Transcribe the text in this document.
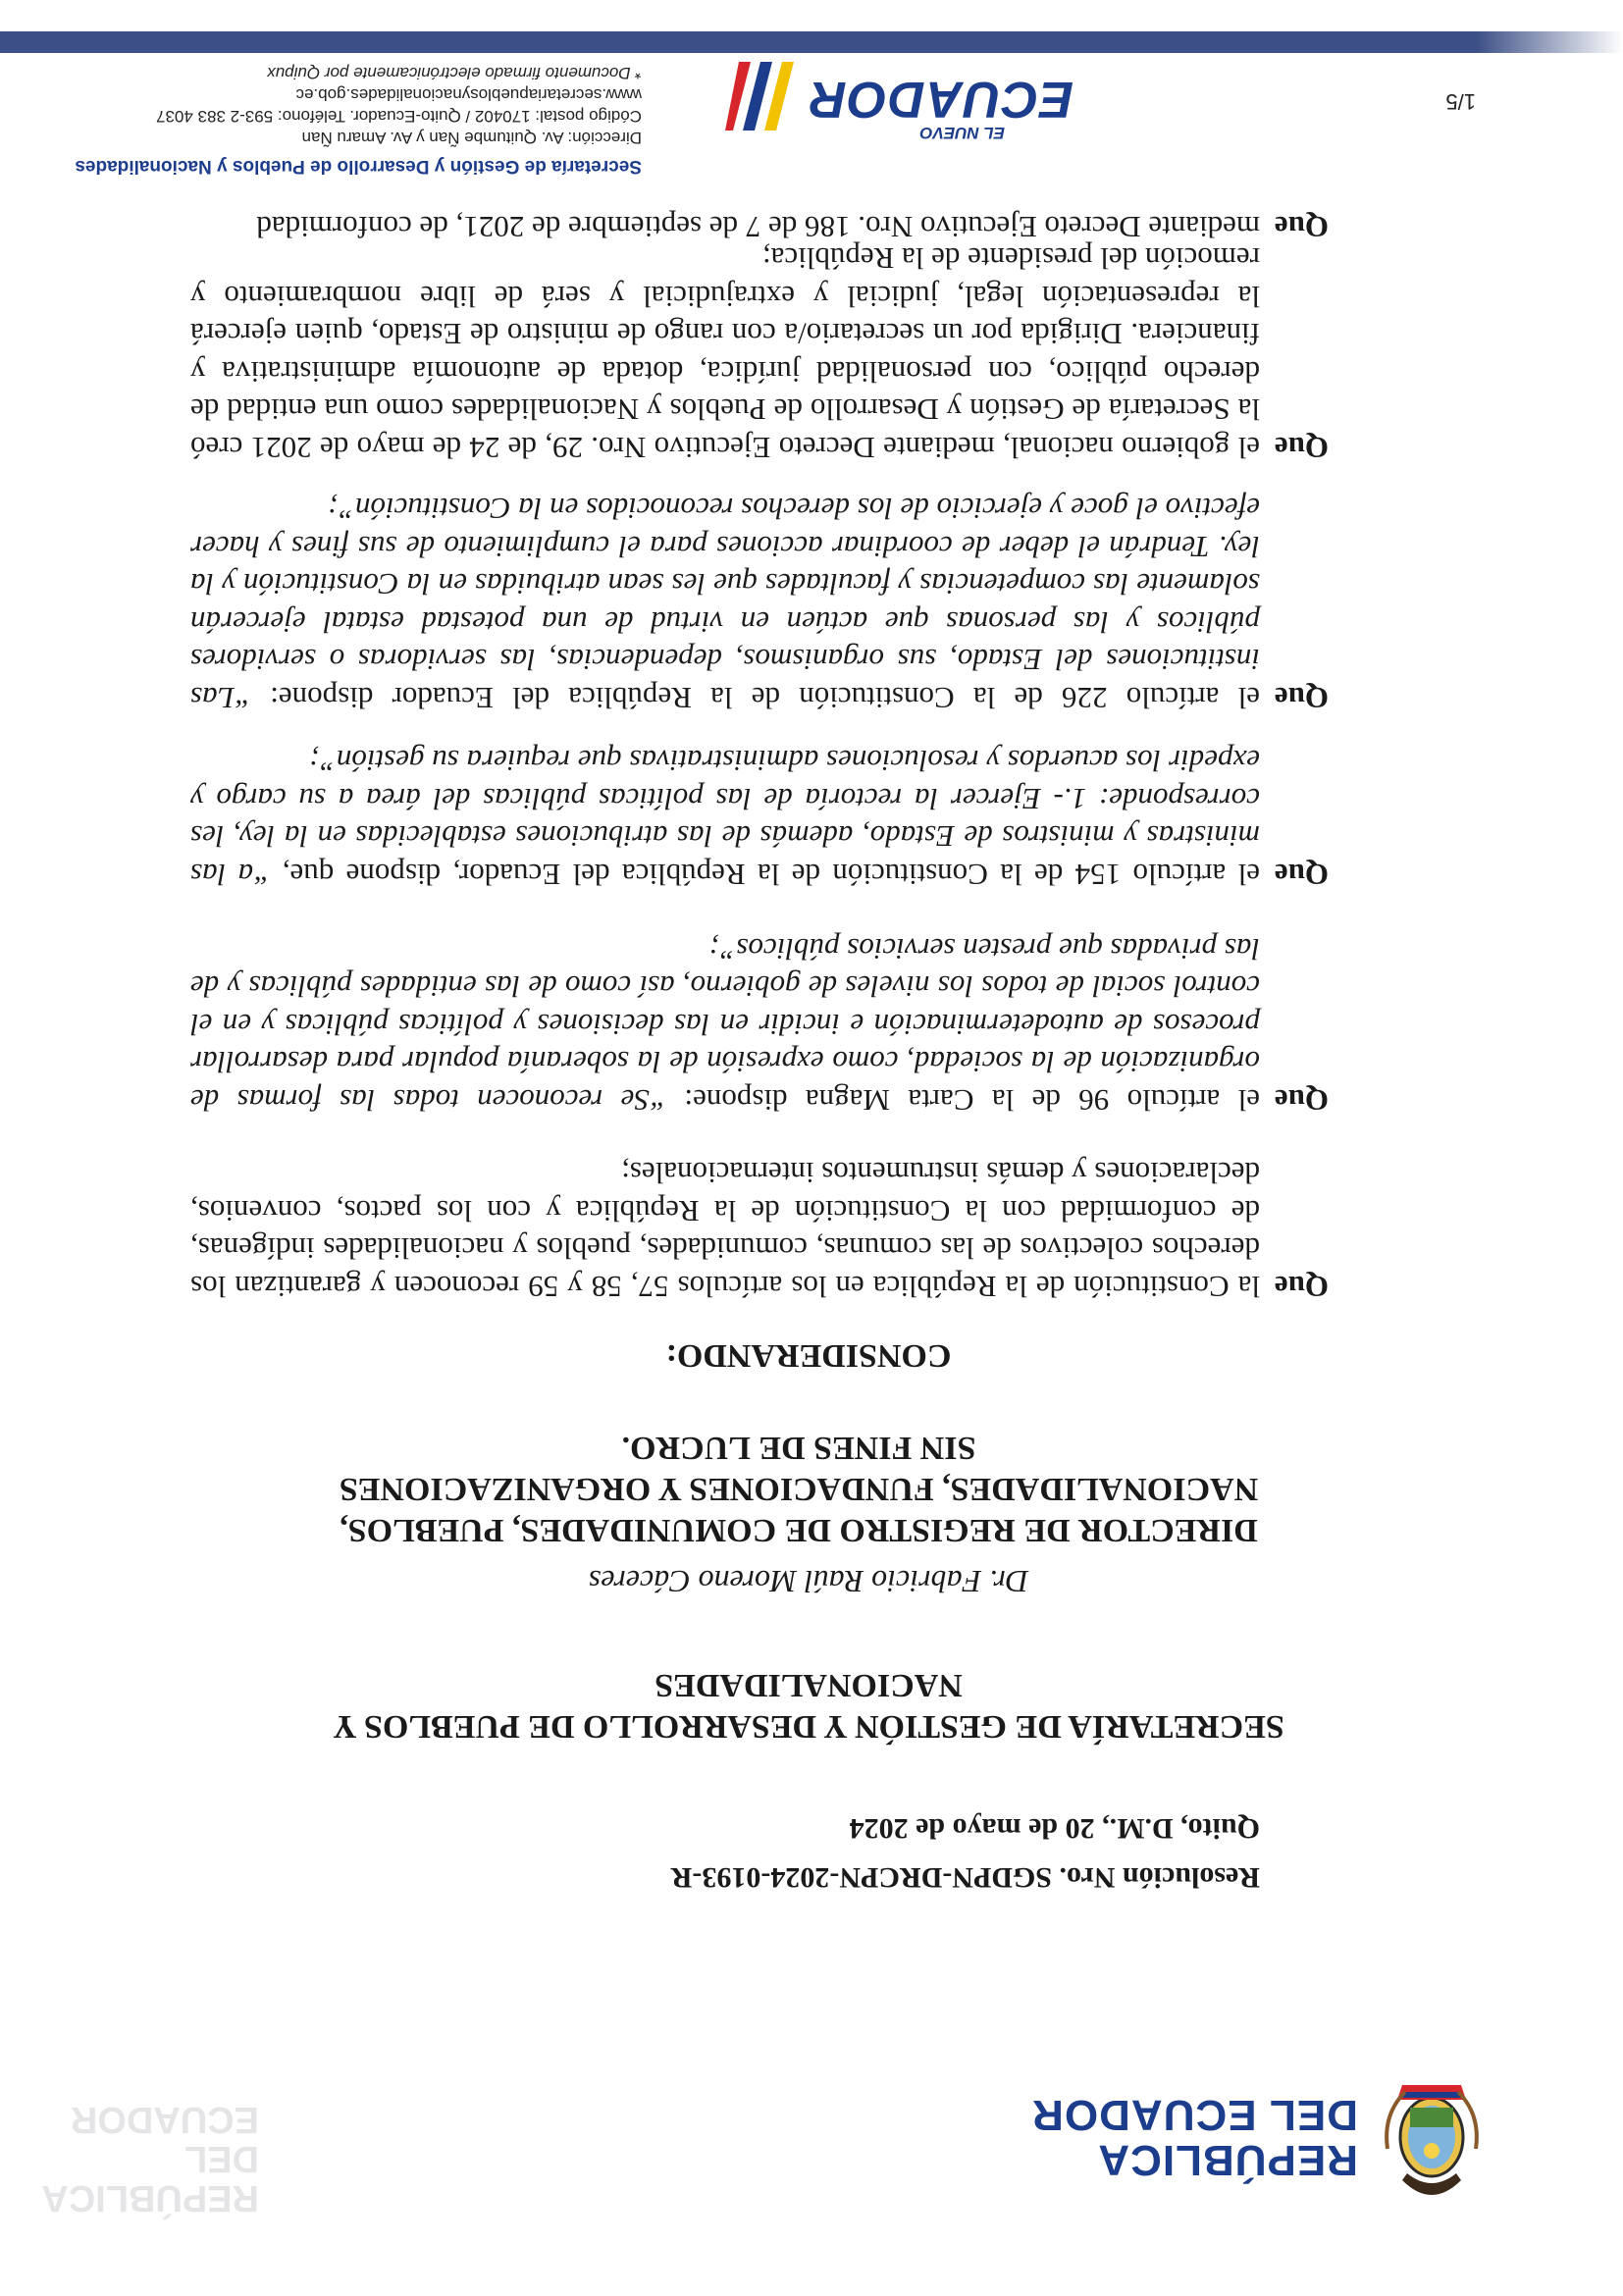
REPÚBLICA
DEL ECUADOR
REPÚBLICA
DEL ECUADOR
Resolución Nro. SGDPN-DRCPN-2024-0193-R
Quito, D.M., 20 de mayo de 2024
SECRETARÍA DE GESTIÓN Y DESARROLLO DE PUEBLOS Y NACIONALIDADES
Dr. Fabricio Raúl Moreno Cáceres
DIRECTOR DE REGISTRO DE COMUNIDADES, PUEBLOS, NACIONALIDADES, FUNDACIONES Y ORGANIZACIONES SIN FINES DE LUCRO.
CONSIDERANDO:
Que
la Constitución de la República en los artículos 57, 58 y 59 reconocen y garantizan los derechos colectivos de las comunas, comunidades, pueblos y nacionalidades indígenas, de conformidad con la Constitución de la República y con los pactos, convenios, declaraciones y demás instrumentos internacionales;
Que
el artículo 96 de la Carta Magna dispone: “Se reconocen todas las formas de organización de la sociedad, como expresión de la soberanía popular para desarrollar procesos de autodeterminación e incidir en las decisiones y políticas públicas y en el control social de todos los niveles de gobierno, así como de las entidades públicas y de las privadas que presten servicios públicos”;
Que
el artículo 154 de la Constitución de la República del Ecuador, dispone que, “a las ministras y ministros de Estado, además de las atribuciones establecidas en la ley, les corresponde: 1.- Ejercer la rectoría de las políticas públicas del área a su cargo y expedir los acuerdos y resoluciones administrativas que requiera su gestión”;
Que
el artículo 226 de la Constitución de la República del Ecuador dispone: “Las instituciones del Estado, sus organismos, dependencias, las servidoras o servidores públicos y las personas que actúen en virtud de una potestad estatal ejercerán solamente las competencias y facultades que les sean atribuidas en la Constitución y la ley. Tendrán el deber de coordinar acciones para el cumplimiento de sus fines y hacer efectivo el goce y ejercicio de los derechos reconocidos en la Constitución”;
Que
el gobierno nacional, mediante Decreto Ejecutivo Nro. 29, de 24 de mayo de 2021 creó la Secretaría de Gestión y Desarrollo de Pueblos y Nacionalidades como una entidad de derecho público, con personalidad jurídica, dotada de autonomía administrativa y financiera. Dirigida por un secretario/a con rango de ministro de Estado, quien ejercerá la representación legal, judicial y extrajudicial y será de libre nombramiento y remoción del presidente de la República;
Que
mediante Decreto Ejecutivo Nro. 186 de 7 de septiembre de 2021, de conformidad
Secretaría de Gestión y Desarrollo de Pueblos y Nacionalidades
Dirección: Av. Quitumbe Ñan y Av. Amaru Ñan
Código postal: 170402 / Quito-Ecuador. Teléfono: 593-2 383 4037
www.secretariapueblosynacionalidades.gob.ec
* Documento firmado electrónicamente por Quipux
EL NUEVO
ECUADOR	1/5
